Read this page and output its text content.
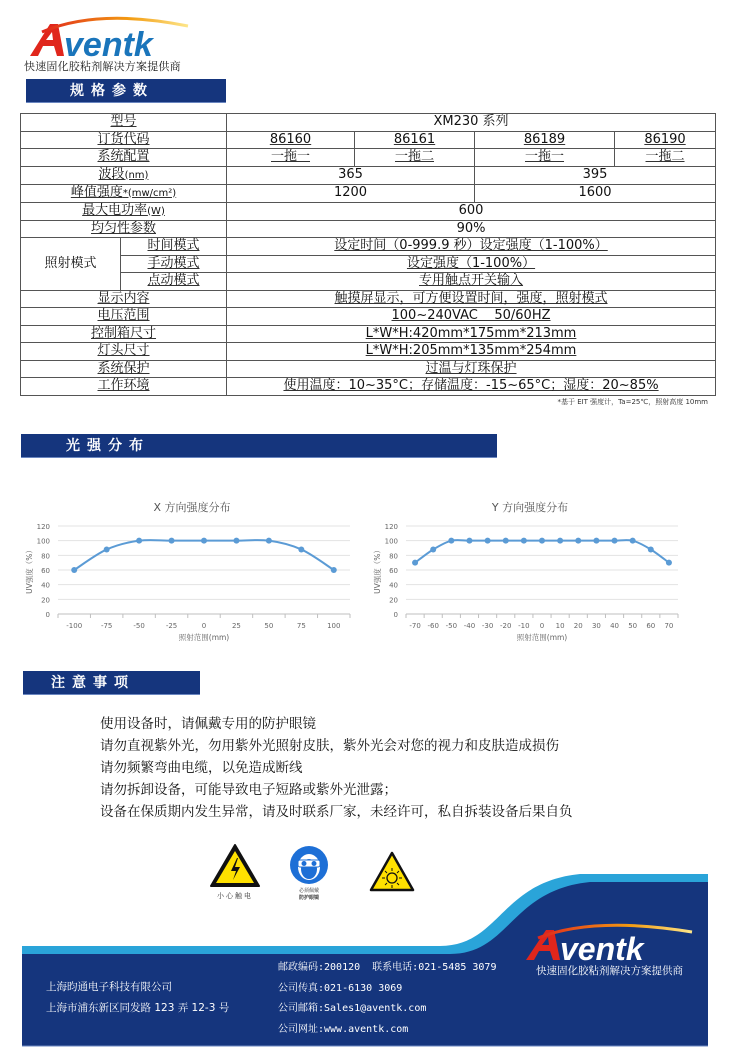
ventk
快速固化胶粘剂解决方案提供商
规格参数
型号		XM230 系列			
订货代码		86160	86161	86189	86190
系统配置		一拖一	一拖二	一拖一	一拖二
波段(nm)		365		395	
峰值强度*(mw/cm²)		1200		1600	
最大电功率(W)		600			
均匀性参数		90%			
照射模式	时间模式	设定时间（0-999.9 秒）设定强度（1-100%）			
	手动模式	设定强度（1-100%）			
	点动模式	专用触点开关输入			
显示内容		触摸屏显示，可方便设置时间，强度，照射模式			
电压范围		100~240VAC    50/60HZ			
控制箱尺寸		L*W*H:420mm*175mm*213mm			
灯头尺寸		L*W*H:205mm*135mm*254mm			
系统保护		过温与灯珠保护			
工作环境		使用温度：10~35°C；存储温度：-15~65°C；湿度：20~85%			
*基于 EIT 强度计，Ta=25℃，照射高度 10mm
光强分布
X 方向强度分布
0
20
40
60
80
100
120
-100	-75	-50	-25	0	25	50	75	100
照射范围(mm)
UV强度（%）
Y 方向强度分布
0
20
40
60
80
100
120
-70 -60 -50 -40 -30 -20 -10 0 10 20 30 40 50 60 70
照射范围(mm)
UV强度（%）
注意事项
使用设备时，请佩戴专用的防护眼镜
请勿直视紫外光，勿用紫外光照射皮肤，紫外光会对您的视力和皮肤造成损伤
请勿频繁弯曲电缆，以免造成断线
请勿拆卸设备，可能导致电子短路或紫外光泄露；
设备在保质期内发生异常，请及时联系厂家，未经许可，私自拆装设备后果自负
小心触电
必须佩戴
防护眼镜
ventk
快速固化胶粘剂解决方案提供商
上海昀通电子科技有限公司
上海市浦东新区同发路 123 弄 12-3 号
邮政编码:200120  联系电话:021-5485 3079
公司传真:021-6130 3069
公司邮箱:Sales1@aventk.com
公司网址:www.aventk.com
